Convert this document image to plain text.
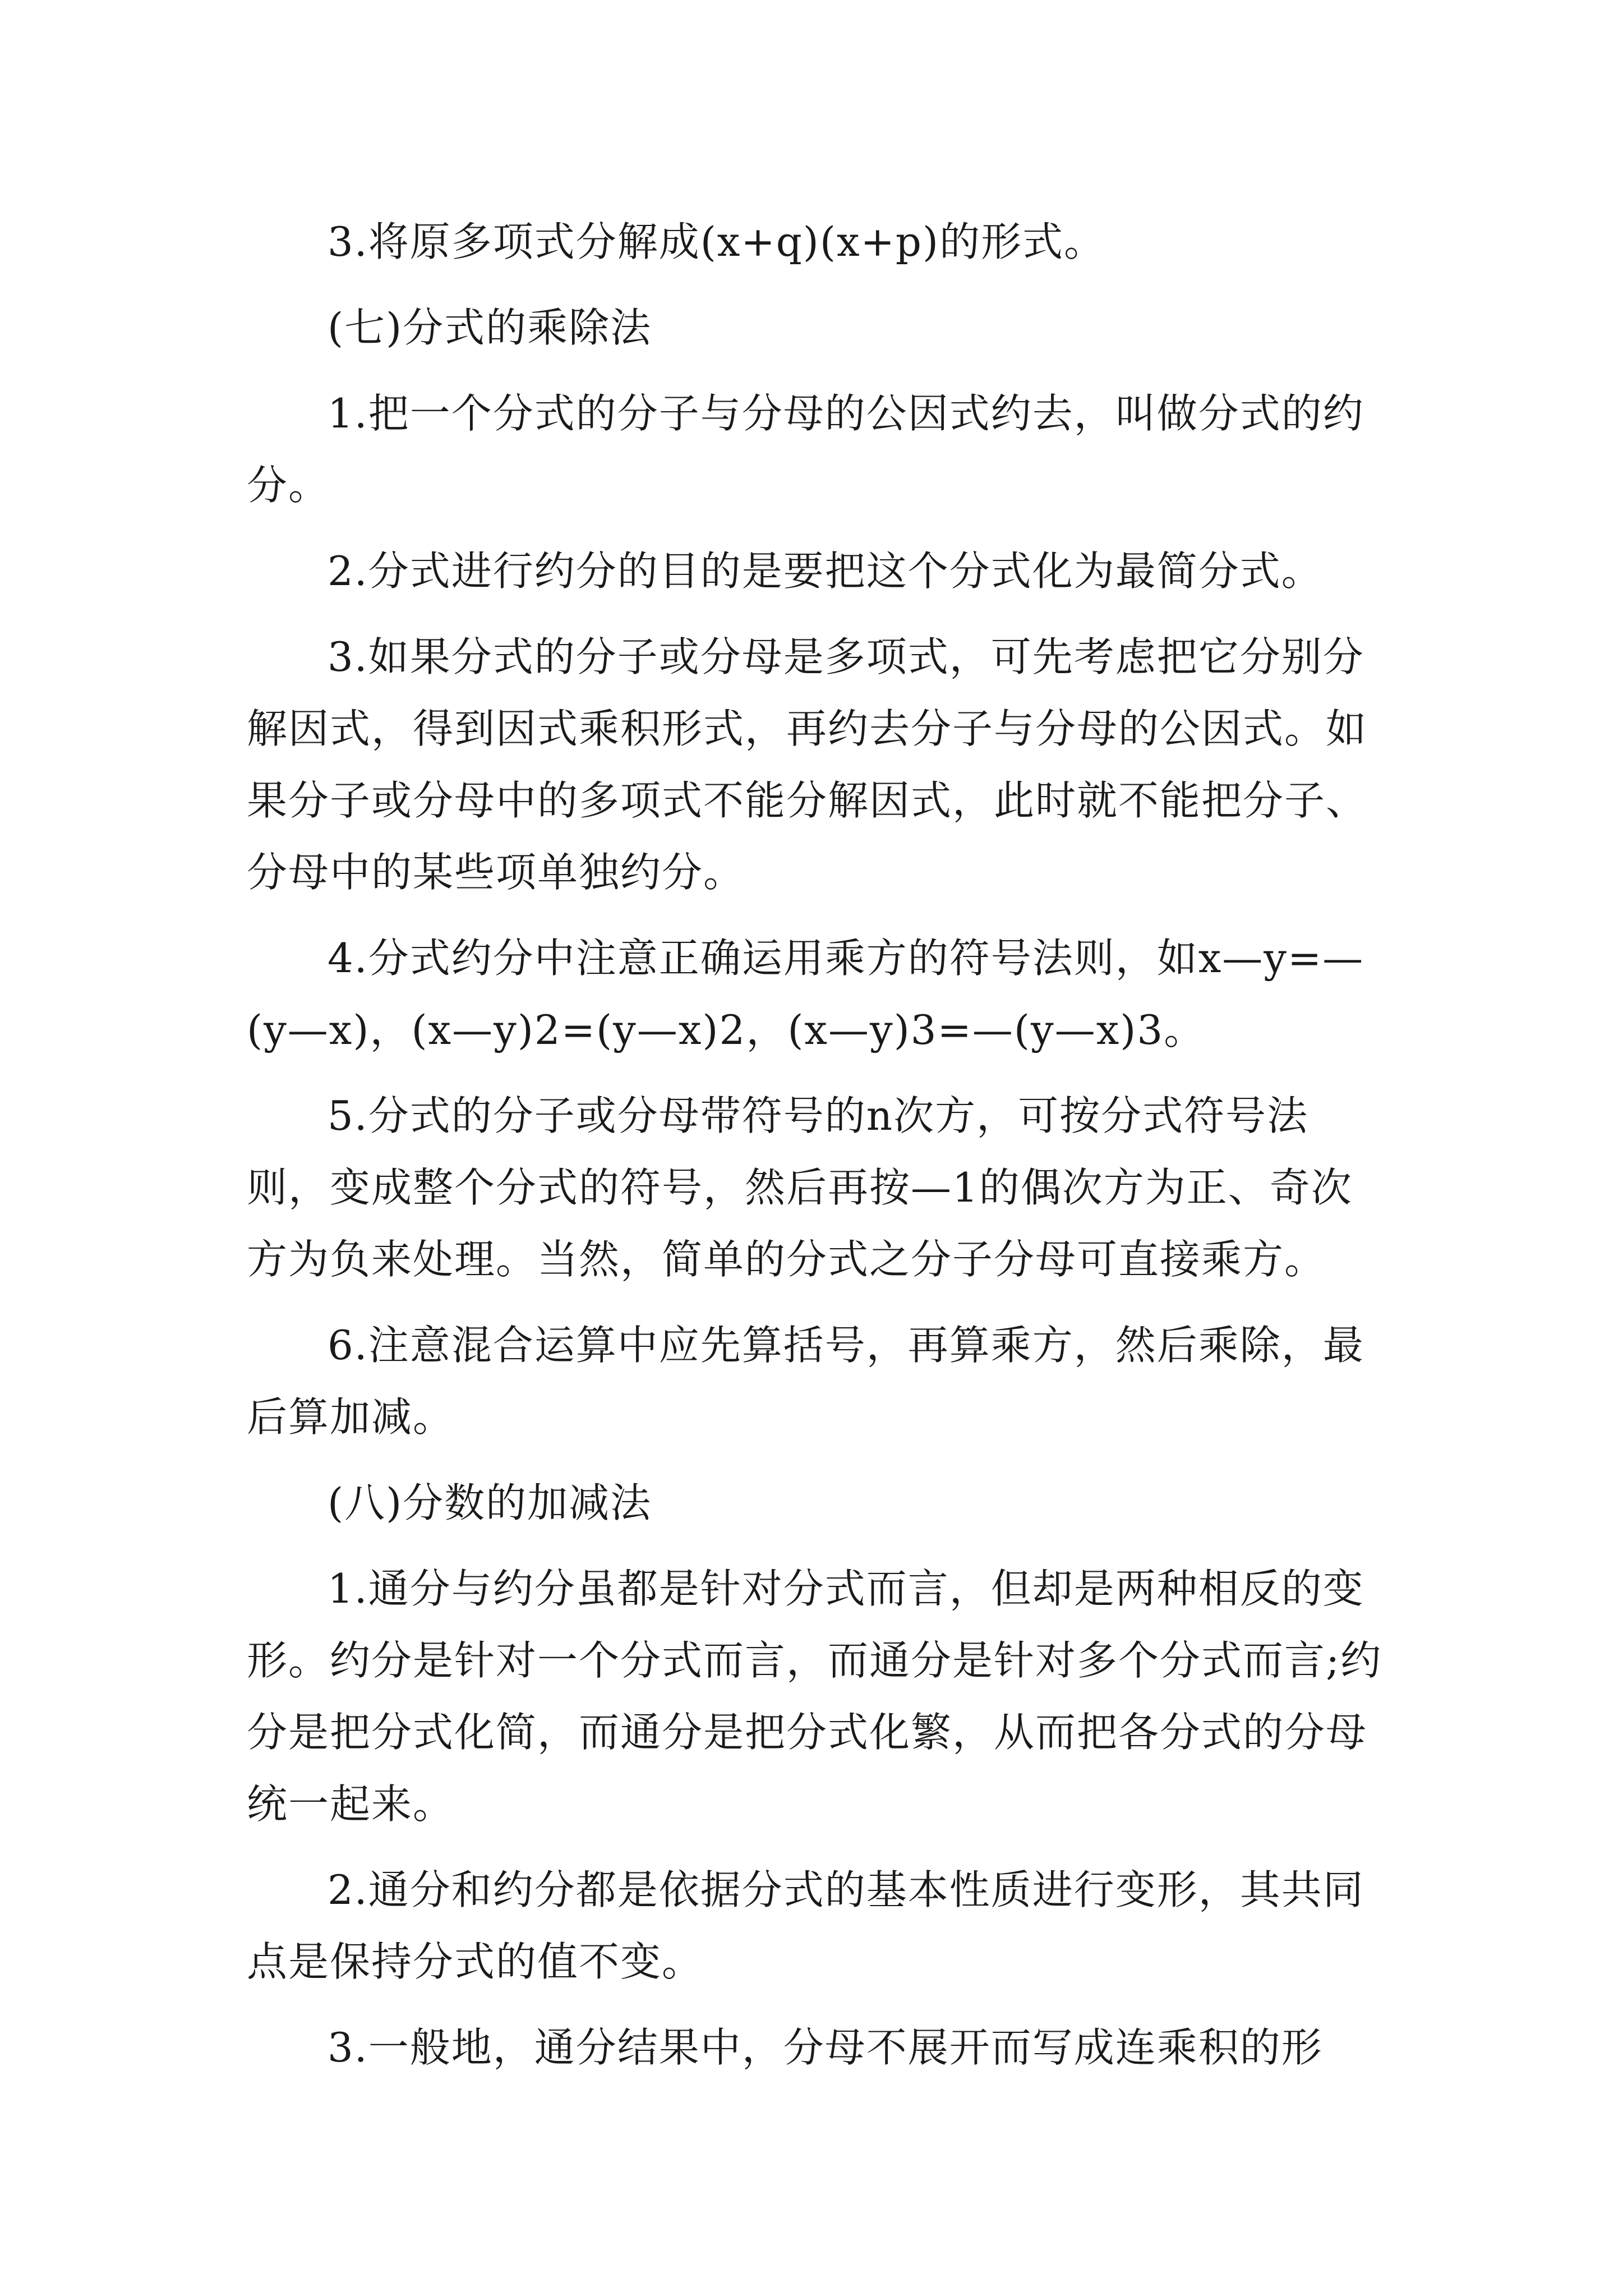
3.将原多项式分解成(x+q)(x+p)的形式。

(七)分式的乘除法

1.把一个分式的分子与分母的公因式约去，叫做分式的约分。

2.分式进行约分的目的是要把这个分式化为最简分式。

3.如果分式的分子或分母是多项式，可先考虑把它分别分解因式，得到因式乘积形式，再约去分子与分母的公因式。如果分子或分母中的多项式不能分解因式，此时就不能把分子、分母中的某些项单独约分。

4.分式约分中注意正确运用乘方的符号法则，如x—y=—(y—x)，(x—y)2=(y—x)2，(x—y)3=—(y—x)3。

5.分式的分子或分母带符号的n次方，可按分式符号法则，变成整个分式的符号，然后再按—1的偶次方为正、奇次方为负来处理。当然，简单的分式之分子分母可直接乘方。

6.注意混合运算中应先算括号，再算乘方，然后乘除，最后算加减。

(八)分数的加减法

1.通分与约分虽都是针对分式而言，但却是两种相反的变形。约分是针对一个分式而言，而通分是针对多个分式而言;约分是把分式化简，而通分是把分式化繁，从而把各分式的分母统一起来。

2.通分和约分都是依据分式的基本性质进行变形，其共同点是保持分式的值不变。

3.一般地，通分结果中，分母不展开而写成连乘积的形
